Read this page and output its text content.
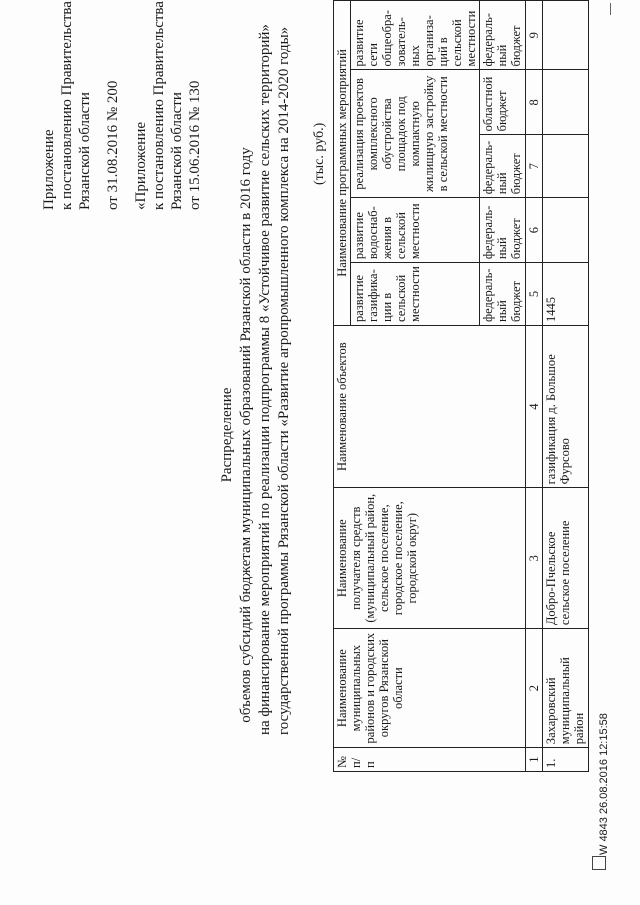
Приложение к постановлению Правительства Рязанской области от 31.08.2016 № 200 «Приложение к постановлению Правительства Рязанской области от 15.06.2016 № 130
Распределение объемов субсидий бюджетам муниципальных образований Рязанской области в 2016 году на финансирование мероприятий по реализации подпрограммы 8 «Устойчивое развитие сельских территорий» государственной программы Рязанской области «Развитие агропромышленного комплекса на 2014-2020 годы» (тыс. руб.)
№ п/п	Наименование муниципальных районов и городских округов Рязанской области	Наименование получателя средств (муниципальный район, сельское поселение, городское поселение, городской округ)	Наименование объектов	Наименование программных мероприятий				
				развитие газифика-ции в сельской местности	развитие водоснаб-жения в сельской местности	реализация проектов комплексного обустройства площадок под компактную жилищную застройку в сельской местности		развитие сети общеобра-зователь-ных организа-ций в сельской местности
				федераль-ный бюджет	федераль-ный бюджет	федераль-ный бюджет	областной бюджет	федераль-ный бюджет
1	2	3	4	5	6	7	8	9
1.	Захаровский муниципальный район	Добро-Пчельское сельское поселение	газификация д. Большое Фурсово	1445				
W 4843 26.08.2016 12:15:58
